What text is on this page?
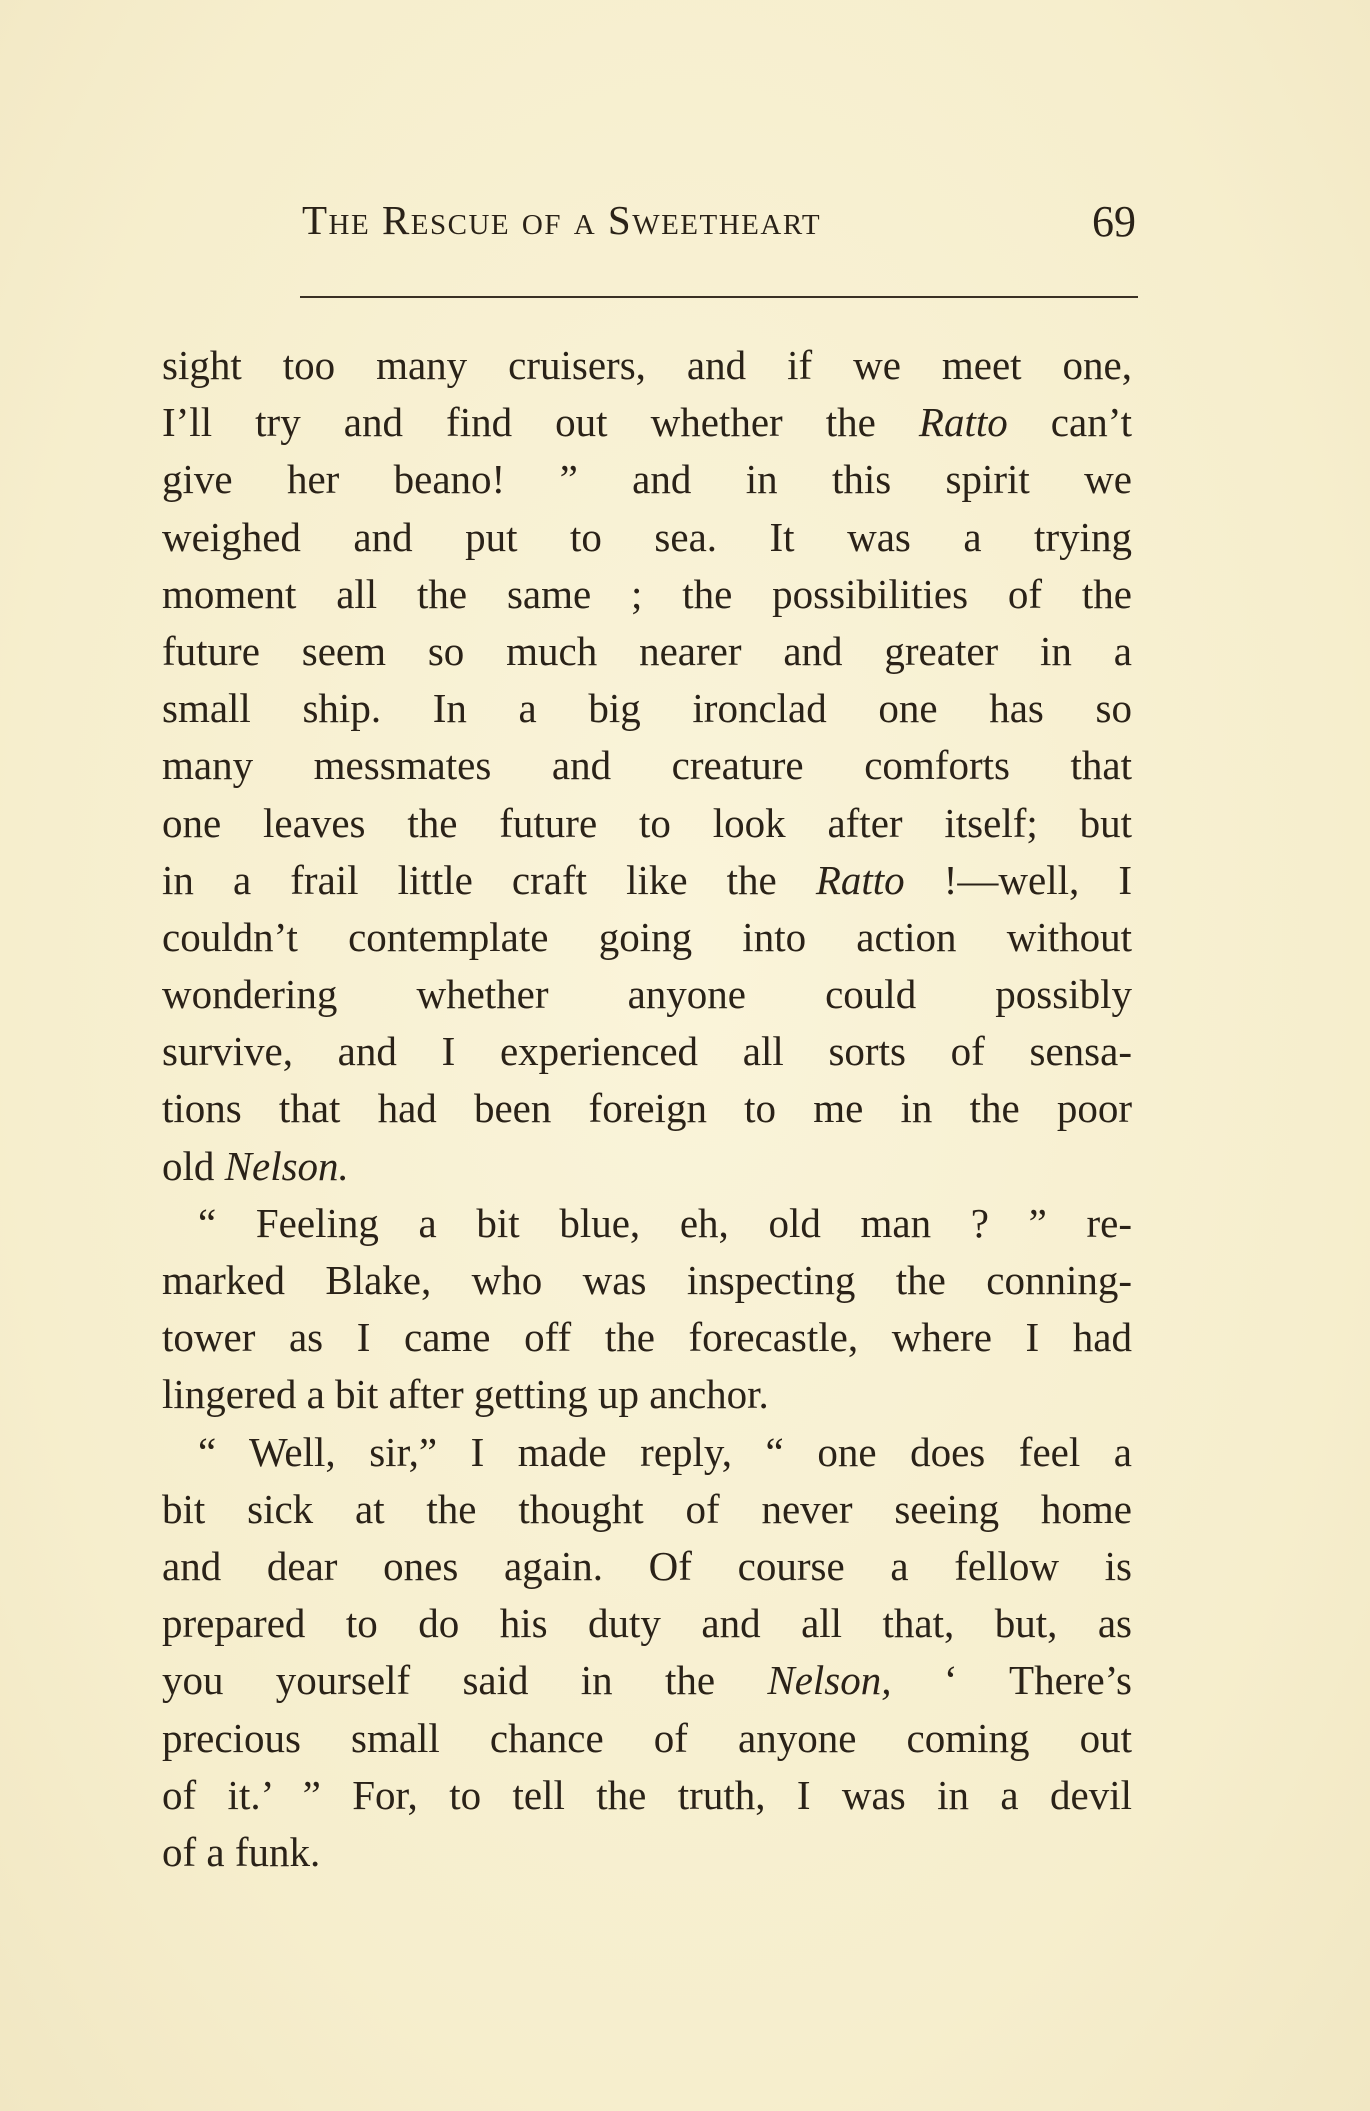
The Rescue of a Sweetheart	69
sight too many cruisers, and if we meet one,
I’ll try and find out whether the Ratto can’t
give her beano! ” and in this spirit we
weighed and put to sea. It was a trying
moment all the same ; the possibilities of the
future seem so much nearer and greater in a
small ship. In a big ironclad one has so
many messmates and creature comforts that
one leaves the future to look after itself; but
in a frail little craft like the Ratto !—well, I
couldn’t contemplate going into action without
wondering whether anyone could possibly
survive, and I experienced all sorts of sensa-
tions that had been foreign to me in the poor
old Nelson.
“ Feeling a bit blue, eh, old man ? ” re-
marked Blake, who was inspecting the conning-
tower as I came off the forecastle, where I had
lingered a bit after getting up anchor.
“ Well, sir,” I made reply, “ one does feel a
bit sick at the thought of never seeing home
and dear ones again. Of course a fellow is
prepared to do his duty and all that, but, as
you yourself said in the Nelson, ‘ There’s
precious small chance of anyone coming out
of it.’ ” For, to tell the truth, I was in a devil
of a funk.
